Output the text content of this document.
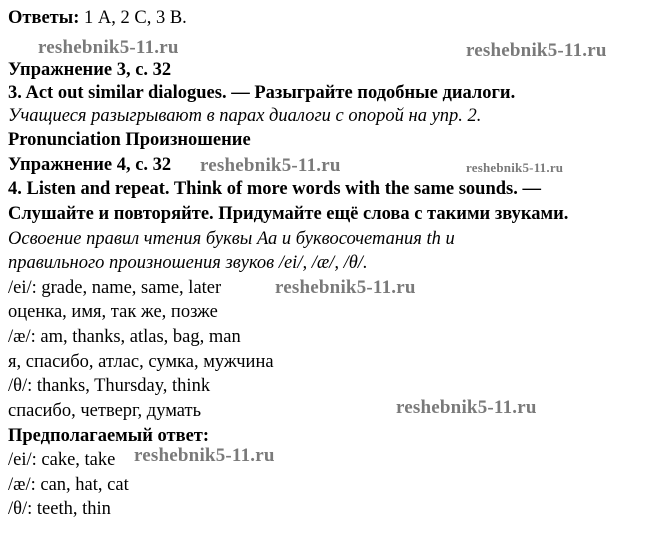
Ответы: 1 А, 2 С, 3 В.
Упражнение 3, с. 32
3. Act out similar dialogues. — Разыграйте подобные диалоги.
Учащиеся разыгрывают в парах диалоги с опорой на упр. 2.
Pronunciation Произношение
Упражнение 4, с. 32
4. Listen and repeat. Think of more words with the same sounds. —
Слушайте и повторяйте. Придумайте ещё слова с такими звуками.
Освоение правил чтения буквы Аа и буквосочетания th и
правильного произношения звуков /ei/, /æ/, /θ/.
/ei/: grade, name, same, later
оценка, имя, так же, позже
/æ/: am, thanks, atlas, bag, man
я, спасибо, атлас, сумка, мужчина
/θ/: thanks, Thursday, think
спасибо, четверг, думать
Предполагаемый ответ:
/ei/: cake, take
/æ/: can, hat, cat
/θ/: teeth, thin
reshebnik5-11.ru	reshebnik5-11.ru
reshebnik5-11.ru	reshebnik5-11.ru
reshebnik5-11.ru
reshebnik5-11.ru
reshebnik5-11.ru
